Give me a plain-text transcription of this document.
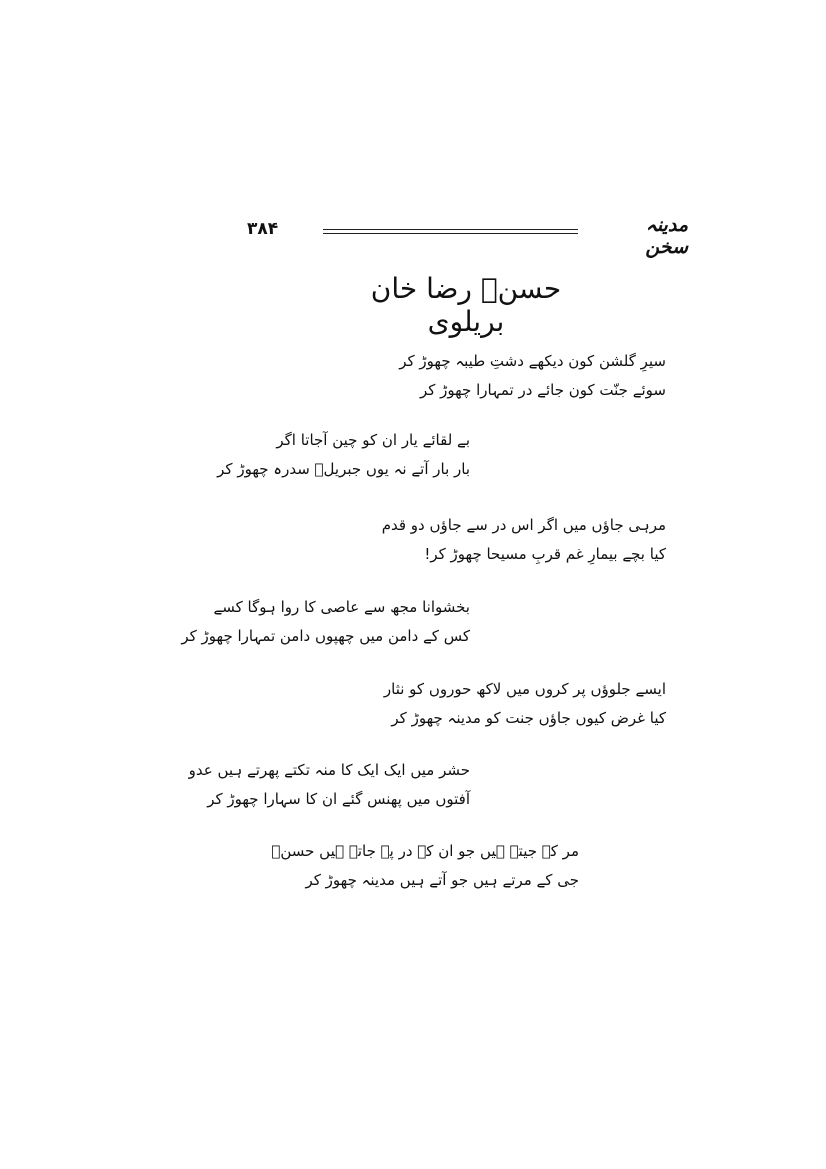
۳۸۴	مدینہ سخن
حسنؔ رضا خان بریلوی
سیرِ گلشن کون دیکھے دشتِ طیبہ چھوڑ کر
سوئے جنّت کون جائے در تمہارا چھوڑ کر
بے لقائے یار ان کو چین آجاتا اگر
بار بار آتے نہ یوں جبریلؑ سدرہ چھوڑ کر
مرہی جاؤں میں اگر اس در سے جاؤں دو قدم
کیا بچے بیمارِ غم قربِ مسیحا چھوڑ کر!
بخشوانا مجھ سے عاصی کا روا ہوگا کسے
کس کے دامن میں چھپوں دامن تمہارا چھوڑ کر
ایسے جلوؤں پر کروں میں لاکھ حوروں کو نثار
کیا غرض کیوں جاؤں جنت کو مدینہ چھوڑ کر
حشر میں ایک ایک کا منہ تکتے پھرتے ہیں عدو
آفتوں میں پھنس گئے ان کا سہارا چھوڑ کر
مر کے جیتے ہیں جو ان کے در پہ جاتے ہیں حسنؔ
جی کے مرتے ہیں جو آتے ہیں مدینہ چھوڑ کر
